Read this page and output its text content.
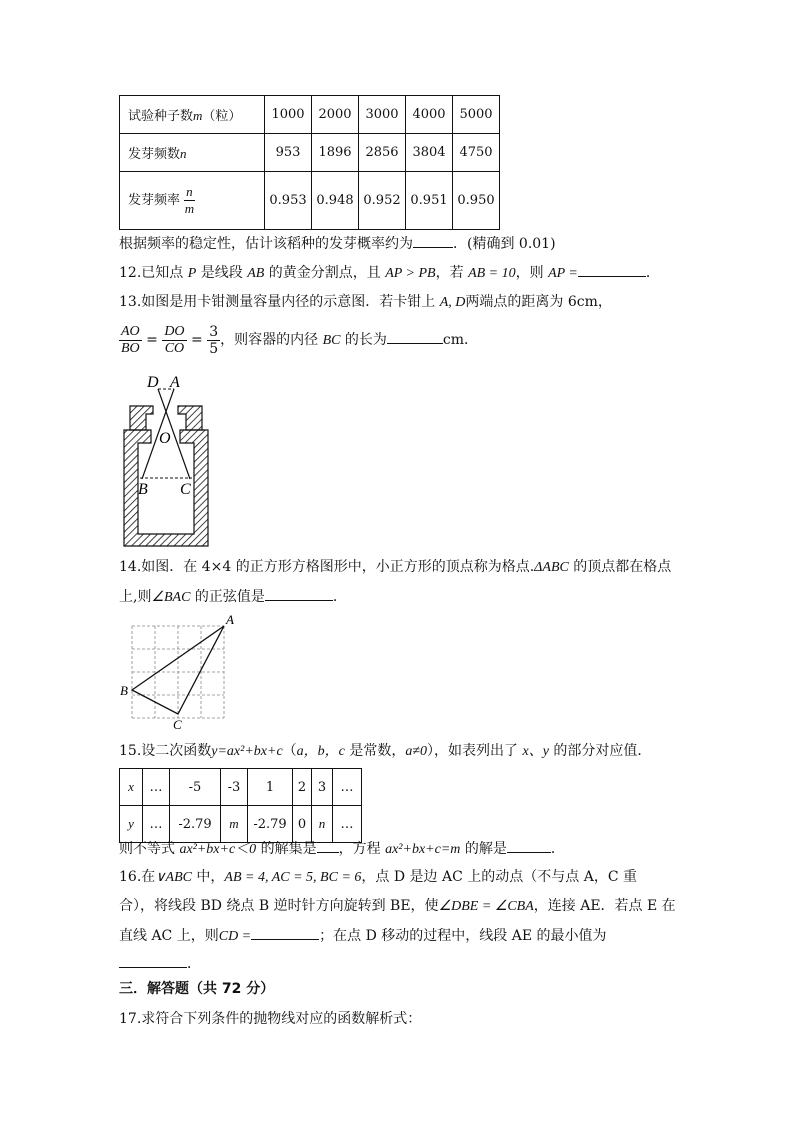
试验种子数m（粒）	1000	2000	3000	4000	5000
发芽频数n	953	1896	2856	3804	4750
发芽频率 $\frac{n}{m}$	0.953	0.948	0.952	0.951	0.950
根据频率的稳定性，估计该稻种的发芽概率约为	．(精确到 0.01)
12.已知点 P 是线段 AB 的黄金分割点，且 AP > PB，若 AB = 10，则 AP =	．
13.如图是用卡钳测量容量内径的示意图．若卡钳上 A, D两端点的距离为 6cm，
$\frac{AO}{BO} = \frac{DO}{CO} = \frac{3}{5}$ ，则容器的内径 BC 的长为	cm．
D A
O
B C
14.如图．在 4×4 的正方形方格图形中，小正方形的顶点称为格点.ΔABC 的顶点都在格点
上,则∠BAC 的正弦值是	．
A
B
C
15.设二次函数y=ax²+bx+c（a，b，c 是常数，a≠0），如表列出了 x、y 的部分对应值．
x	…	-5	-3	1	2	3	…
y	…	-2.79	m	-2.79	0	n	…
则不等式 ax²+bx+c＜0 的解集是 ，方程 ax²+bx+c=m 的解是	．
16.在∨ABC 中，AB = 4, AC = 5, BC = 6，点 D 是边 AC 上的动点（不与点 A，C 重
合），将线段 BD 绕点 B 逆时针方向旋转到 BE，使∠DBE = ∠CBA，连接 AE．若点 E 在
直线 AC 上，则CD =	；在点 D 移动的过程中，线段 AE 的最小值为
．
三．解答题（共 72 分）
17.求符合下列条件的抛物线对应的函数解析式：
